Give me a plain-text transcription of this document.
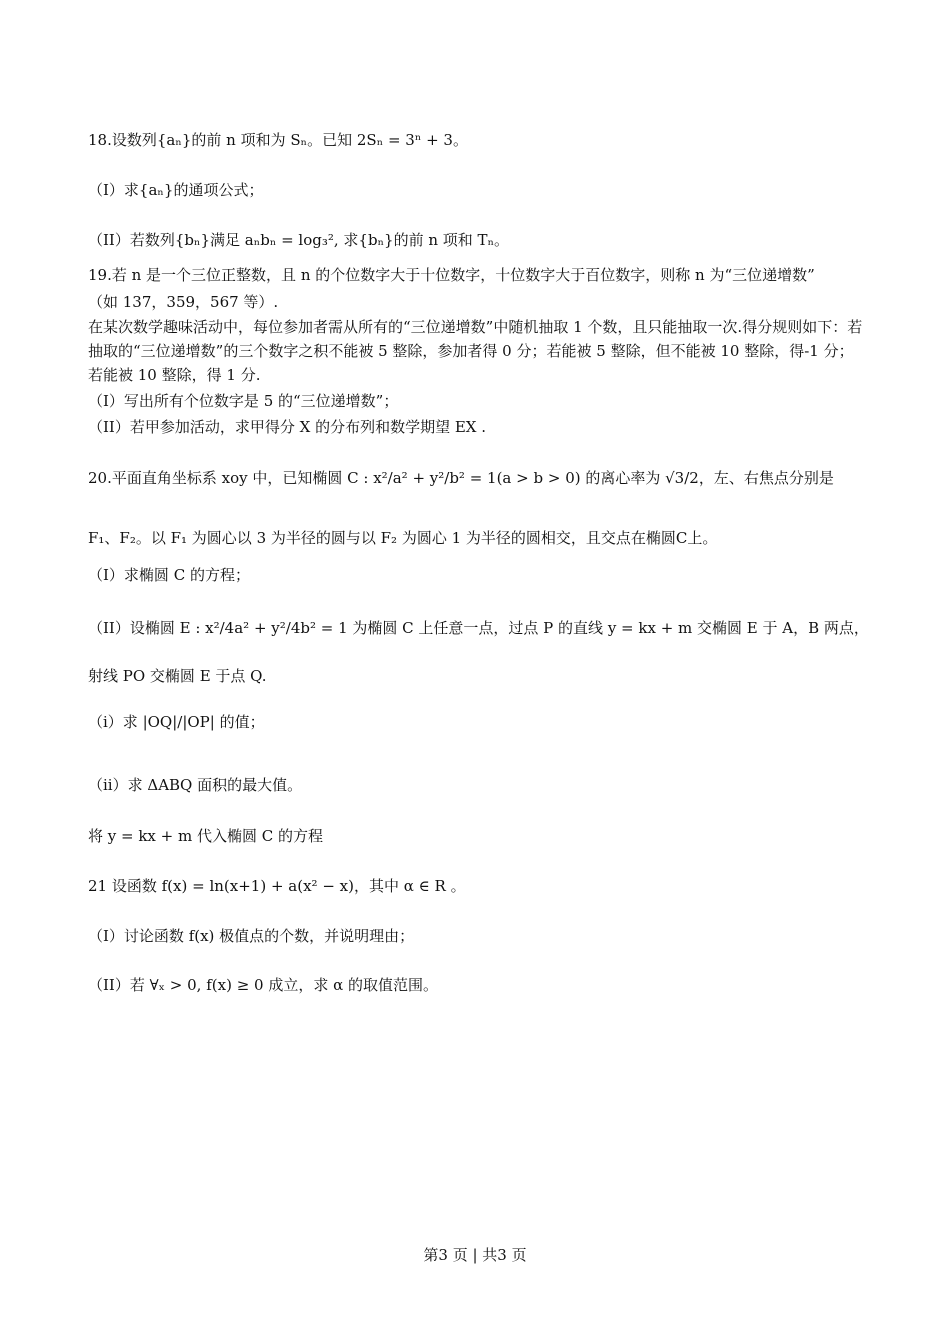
18.设数列{aₙ}的前 n 项和为 Sₙ。已知 2Sₙ = 3ⁿ + 3。
（I）求{aₙ}的通项公式；
（II）若数列{bₙ}满足 aₙbₙ = log₃², 求{bₙ}的前 n 项和 Tₙ。
19.若 n 是一个三位正整数，且 n 的个位数字大于十位数字，十位数字大于百位数字，则称 n 为“三位递增数”
（如 137，359，567 等）.
在某次数学趣味活动中，每位参加者需从所有的“三位递增数”中随机抽取 1 个数，且只能抽取一次.得分规则如下：若抽取的“三位递增数”的三个数字之积不能被 5 整除，参加者得 0 分；若能被 5 整除，但不能被 10 整除，得-1 分；若能被 10 整除，得 1 分.
（I）写出所有个位数字是 5 的“三位递增数”；
（II）若甲参加活动，求甲得分 X 的分布列和数学期望 EX .
20.平面直角坐标系 xoy 中，已知椭圆 C : x²/a² + y²/b² = 1(a > b > 0) 的离心率为 √3/2，左、右焦点分别是
F₁、F₂。以 F₁ 为圆心以 3 为半径的圆与以 F₂ 为圆心 1 为半径的圆相交，且交点在椭圆C上。
（I）求椭圆 C 的方程；
（II）设椭圆 E : x²/4a² + y²/4b² = 1 为椭圆 C 上任意一点，过点 P 的直线 y = kx + m 交椭圆 E 于 A，B 两点，
射线 PO 交椭圆 E 于点 Q.
（i）求 |OQ|/|OP| 的值；
（ii）求 ΔABQ 面积的最大值。
将 y = kx + m 代入椭圆 C 的方程
21 设函数 f(x) = ln(x+1) + a(x² − x)，其中 α ∈ R 。
（I）讨论函数 f(x) 极值点的个数，并说明理由；
（II）若 ∀ₓ > 0, f(x) ≥ 0 成立，求 α 的取值范围。
第3 页 | 共3 页
